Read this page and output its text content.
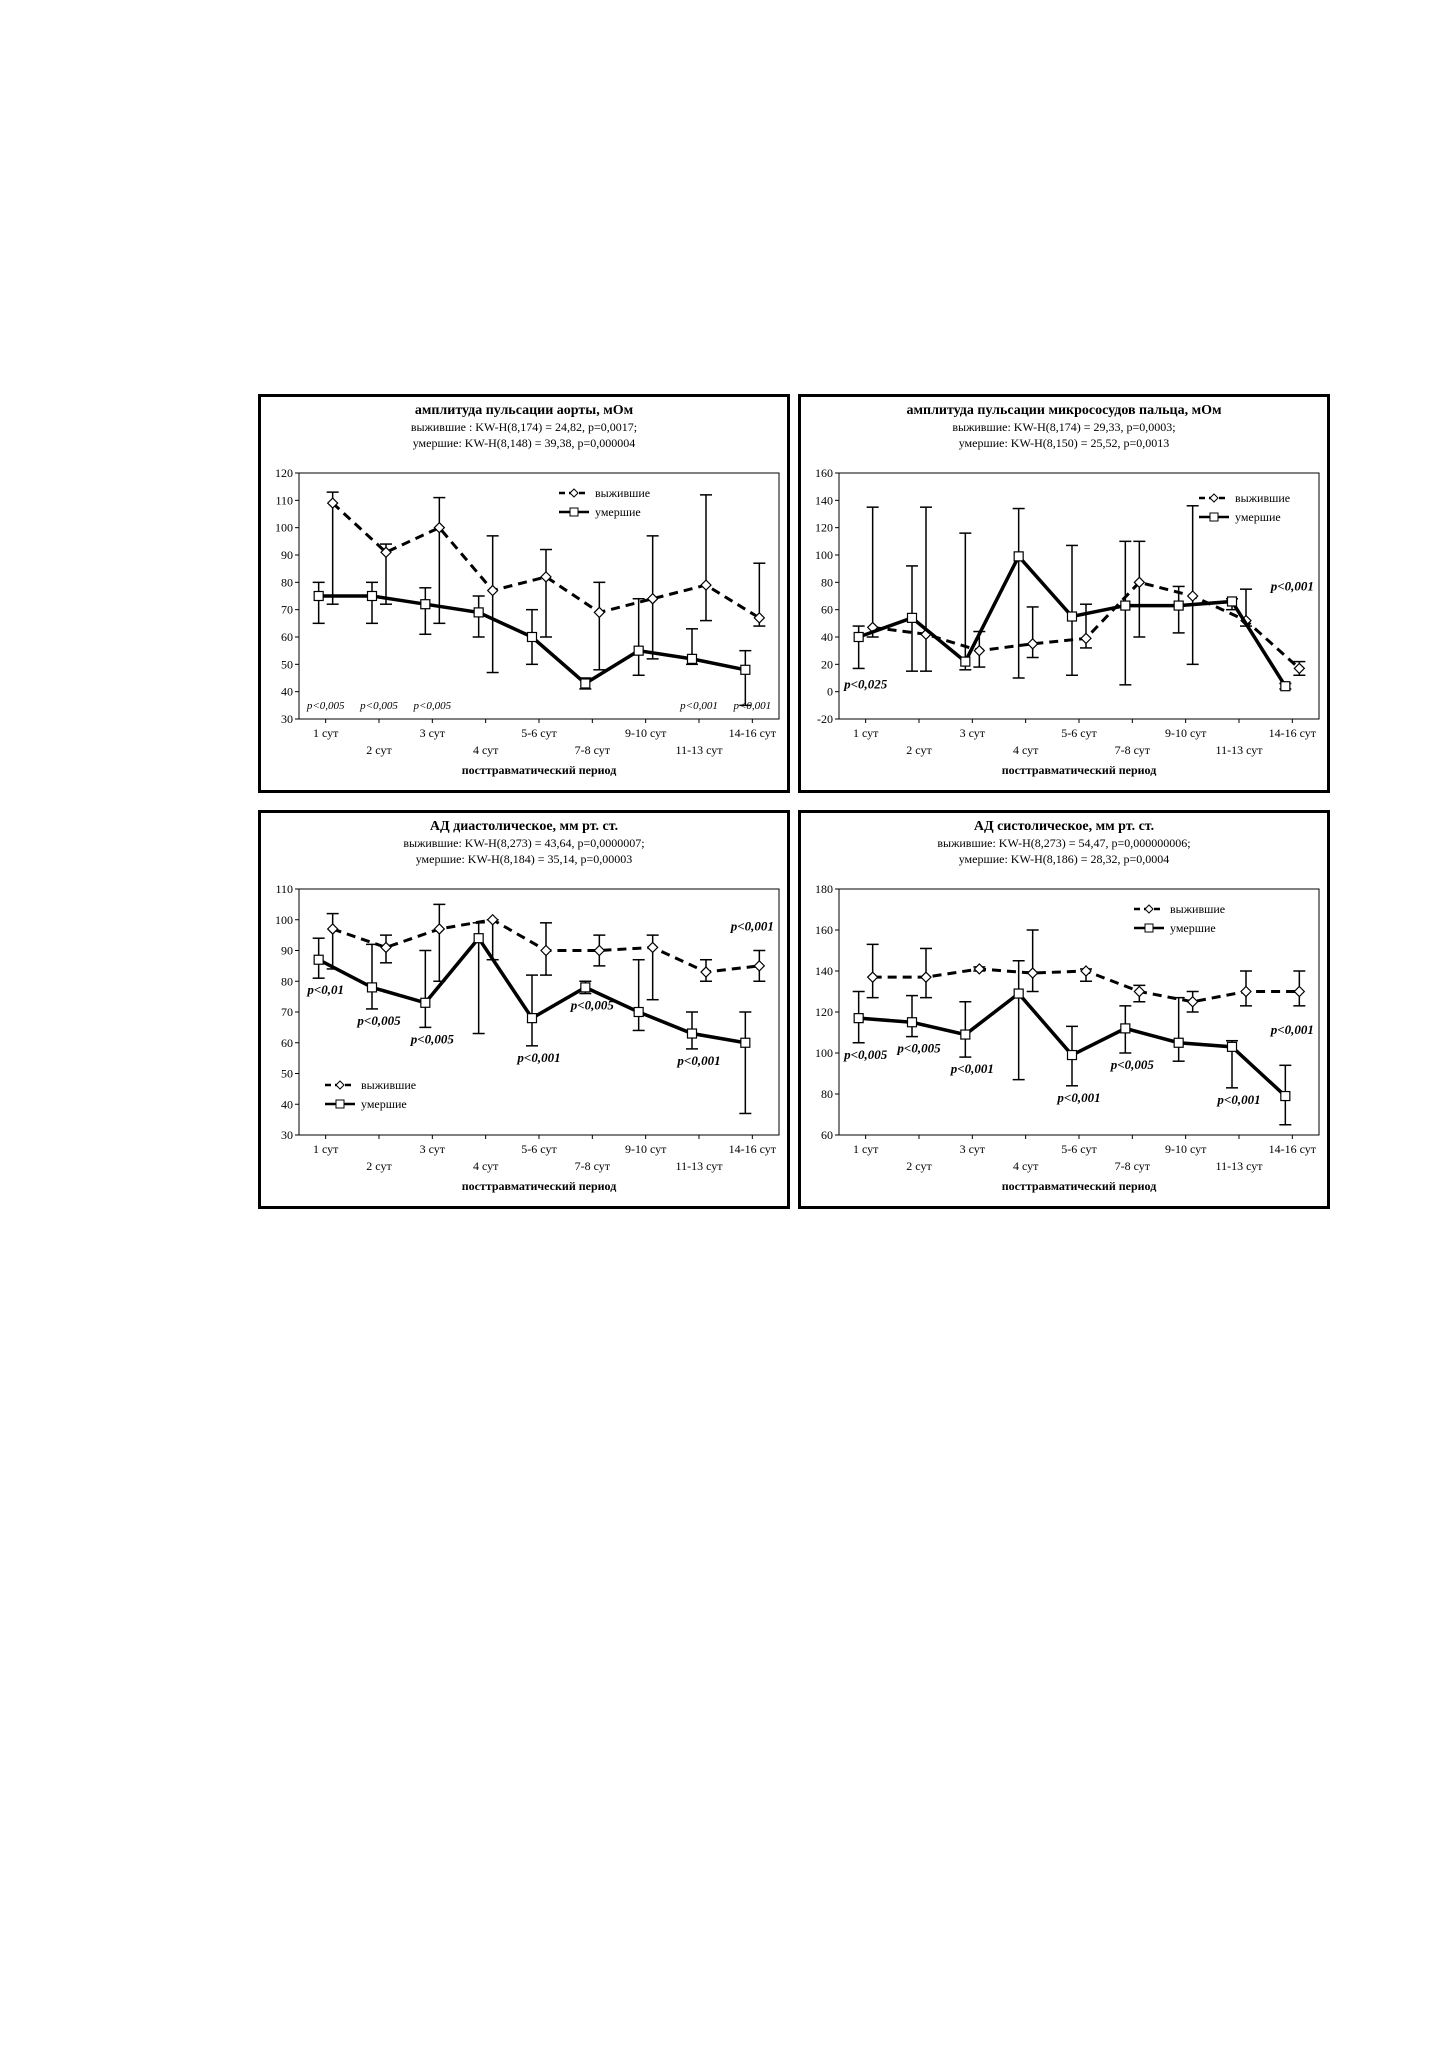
амплитуда пульсации аорты, мОм
выжившие : KW-H(8,174) = 24,82, p=0,0017;
умершие: KW-H(8,148) = 39,38, p=0,000004
30
40
50
60
70
80
90
100
110
120
1 сут
2 сут
3 сут
4 сут
5-6 сут
7-8 сут
9-10 сут
11-13 сут
14-16 сут
посттравматический период
выжившие
умершие
p<0,005 p<0,005 p<0,005	p<0,001 p<0,001
амплитуда пульсации микрососудов пальца, мОм
выжившие: KW-H(8,174) = 29,33, p=0,0003;
умершие: KW-H(8,150) = 25,52, p=0,0013
-20
0
20
40
60
80
100
120
140
160
1 сут
2 сут
3 сут
4 сут
5-6 сут
7-8 сут
9-10 сут
11-13 сут
14-16 сут
посттравматический период
выжившие
умершие
p<0,025
p<0,001
АД диастолическое, мм рт. ст.
выжившие: KW-H(8,273) = 43,64, p=0,0000007;
умершие: KW-H(8,184) = 35,14, p=0,00003
30
40
50
60
70
80
90
100
110
1 сут
2 сут
3 сут
4 сут
5-6 сут
7-8 сут
9-10 сут
11-13 сут
14-16 сут
посттравматический период
выжившие
умершие
p<0,01
p<0,005
p<0,005
p<0,001
p<0,005
p<0,001
p<0,001
АД систолическое, мм рт. ст.
выжившие: KW-H(8,273) = 54,47, p=0,000000006;
умершие: KW-H(8,186) = 28,32, p=0,0004
60
80
100
120
140
160
180
1 сут
2 сут
3 сут
4 сут
5-6 сут
7-8 сут
9-10 сут
11-13 сут
14-16 сут
посттравматический период
выжившие
умершие
p<0,005 p<0,005
p<0,001
p<0,001
p<0,005
p<0,001
p<0,001
